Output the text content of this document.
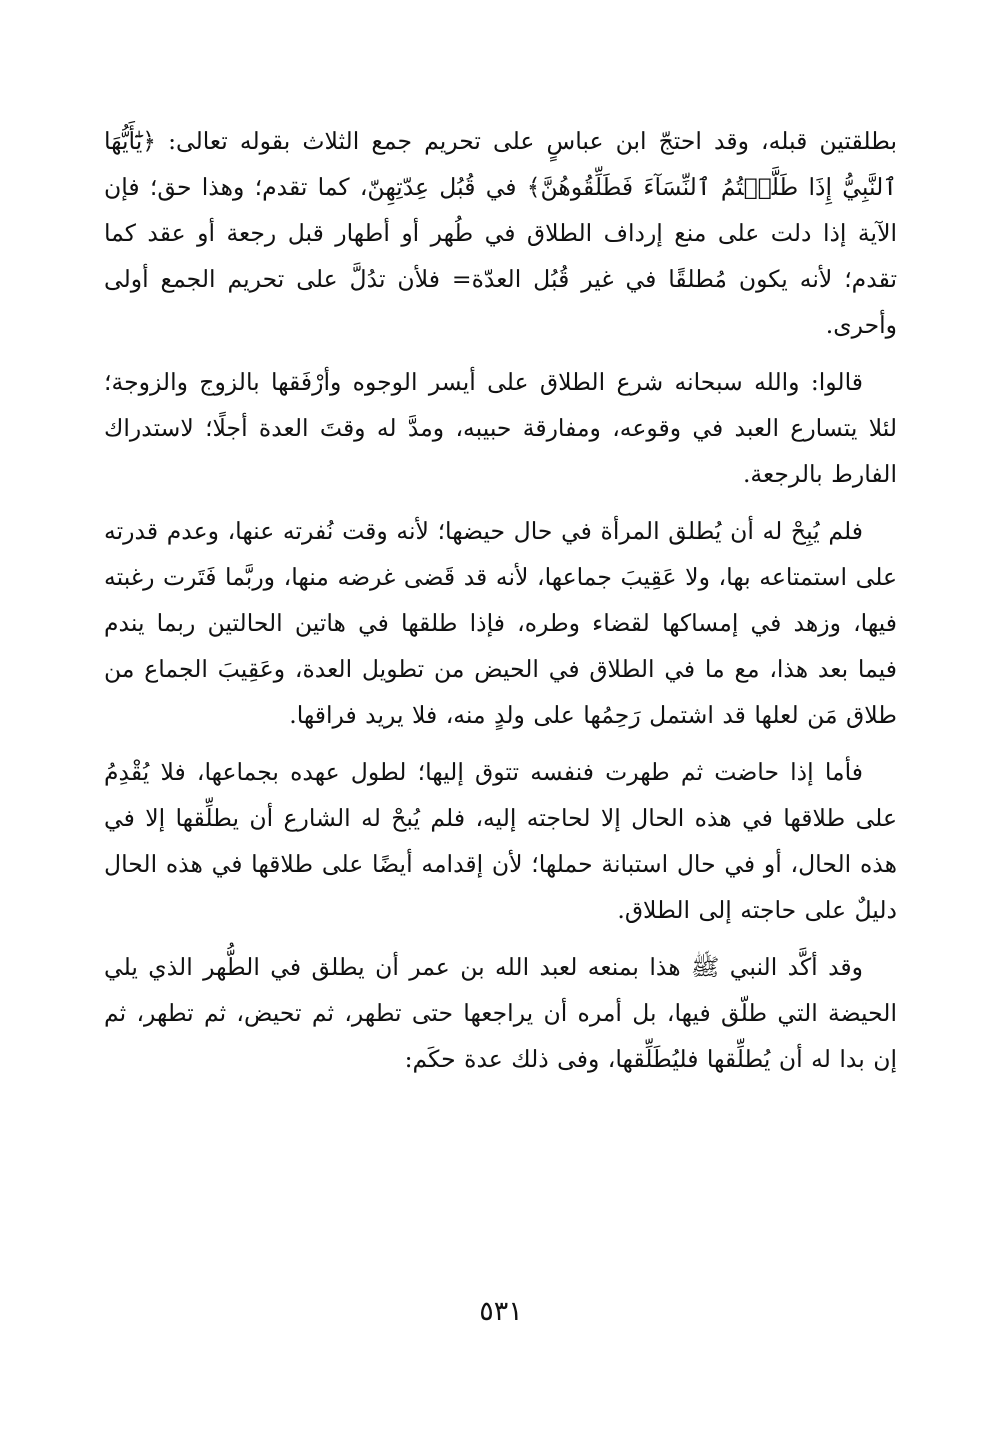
بطلقتين قبله، وقد احتجّ ابن عباسٍ على تحريم جمع الثلاث بقوله تعالى: ﴿يَٰٓأَيُّهَا ٱلنَّبِيُّ إِذَا طَلَّقۡتُمُ ٱلنِّسَآءَ فَطَلِّقُوهُنَّ﴾ في قُبُل عِدّتِهِنّ، كما تقدم؛ وهذا حق؛ فإن الآية إذا دلت على منع إرداف الطلاق في طُهر أو أطهار قبل رجعة أو عقد كما تقدم؛ لأنه يكون مُطلقًا في غير قُبُل العدّة= فلأن تدُلَّ على تحريم الجمع أولى وأحرى.

قالوا: والله سبحانه شرع الطلاق على أيسر الوجوه وأرْفَقها بالزوج والزوجة؛ لئلا يتسارع العبد في وقوعه، ومفارقة حبيبه، ومدَّ له وقتَ العدة أجلًا؛ لاستدراك الفارط بالرجعة.

فلم يُبِحْ له أن يُطلق المرأة في حال حيضها؛ لأنه وقت نُفرته عنها، وعدم قدرته على استمتاعه بها، ولا عَقِيبَ جماعها، لأنه قد قَضى غرضه منها، وربَّما فَتَرت رغبته فيها، وزهد في إمساكها لقضاء وطره، فإذا طلقها في هاتين الحالتين ربما يندم فيما بعد هذا، مع ما في الطلاق في الحيض من تطويل العدة، وعَقِيبَ الجماع من طلاق مَن لعلها قد اشتمل رَحِمُها على ولدٍ منه، فلا يريد فراقها.

فأما إذا حاضت ثم طهرت فنفسه تتوق إليها؛ لطول عهده بجماعها، فلا يُقْدِمُ على طلاقها في هذه الحال إلا لحاجته إليه، فلم يُبحْ له الشارع أن يطلِّقها إلا في هذه الحال، أو في حال استبانة حملها؛ لأن إقدامه أيضًا على طلاقها في هذه الحال دليلٌ على حاجته إلى الطلاق.

وقد أكَّد النبي ﷺ هذا بمنعه لعبد الله بن عمر أن يطلق في الطُّهر الذي يلي الحيضة التي طلّق فيها، بل أمره أن يراجعها حتى تطهر، ثم تحيض، ثم تطهر، ثم إن بدا له أن يُطلِّقها فليُطَلِّقها، وفى ذلك عدة حكَم:

٥٣١
